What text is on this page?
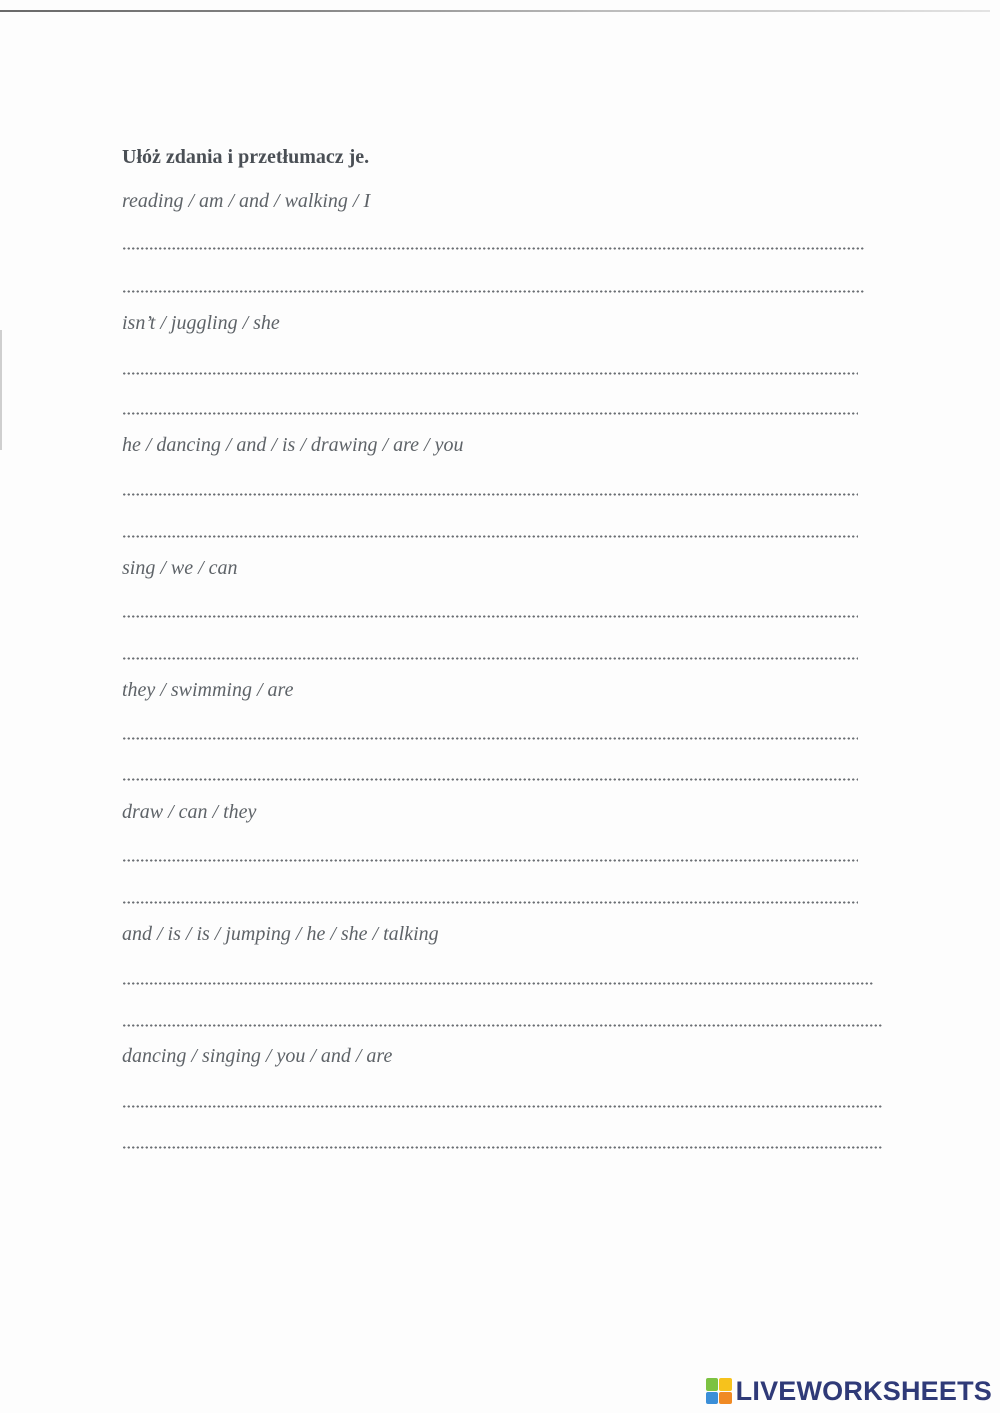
Ułóż zdania i przetłumacz je.
reading / am / and / walking / I
isn’t / juggling / she
he / dancing / and / is / drawing / are / you
sing / we / can
they / swimming / are
draw / can / they
and / is / is / jumping / he / she / talking
dancing / singing / you / and / are
LIVEWORKSHEETS
